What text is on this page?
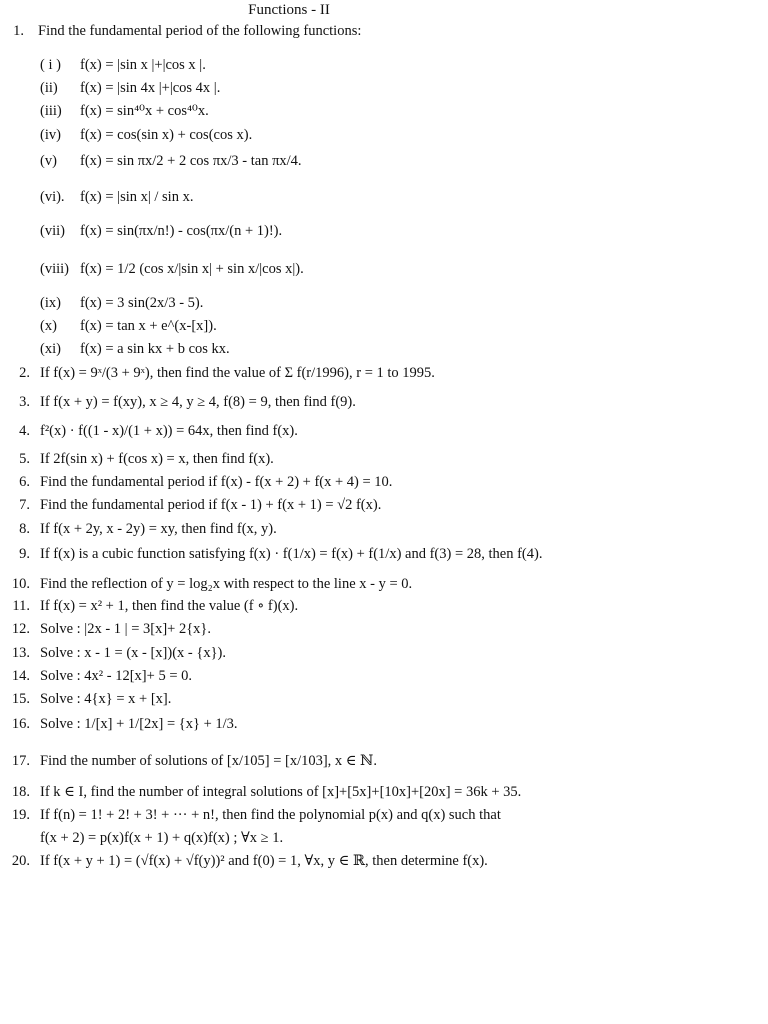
Functions - II
1. Find the fundamental period of the following functions:
( i )	f(x) = |sin x |+|cos x |.
(ii)	f(x) = |sin 4x |+|cos 4x |.
(iii)	f(x) = sin⁴⁰x + cos⁴⁰x.
(iv)	f(x) = cos(sin x) + cos(cos x).
(v)	f(x) = sin πx/2 + 2 cos πx/3 - tan πx/4.
(vi).	f(x) = |sin x| / sin x.
(vii)	f(x) = sin(πx/n!) - cos(πx/(n + 1)!).
(viii) f(x) = 1/2 (cos x/|sin x| + sin x/|cos x|).
(ix)	f(x) = 3 sin(2x/3 - 5).
(x)	f(x) = tan x + e^(x-[x]).
(xi)	f(x) = a sin kx + b cos kx.
2. If f(x) = 9ˣ/(3 + 9ˣ), then find the value of Σ f(r/1996), r = 1 to 1995.
3. If f(x + y) = f(xy), x ≥ 4, y ≥ 4, f(8) = 9, then find f(9).
4. f²(x) · f((1 - x)/(1 + x)) = 64x, then find f(x).
5. If 2f(sin x) + f(cos x) = x, then find f(x).
6. Find the fundamental period if f(x) - f(x + 2) + f(x + 4) = 10.
7. Find the fundamental period if f(x - 1) + f(x + 1) = √2 f(x).
8. If f(x + 2y, x - 2y) = xy, then find f(x, y).
9. If f(x) is a cubic function satisfying f(x) · f(1/x) = f(x) + f(1/x) and f(3) = 28, then f(4).
10. Find the reflection of y = log₂x with respect to the line x - y = 0.
11. If f(x) = x² + 1, then find the value (f ∘ f)(x).
12. Solve : |2x - 1 | = 3[x]+ 2{x}.
13. Solve : x - 1 = (x - [x])(x - {x}).
14. Solve : 4x² - 12[x]+ 5 = 0.
15. Solve : 4{x} = x + [x].
16. Solve : 1/[x] + 1/[2x] = {x} + 1/3.
17. Find the number of solutions of [x/105] = [x/103], x ∈ ℕ.
18. If k ∈ I, find the number of integral solutions of [x]+[5x]+[10x]+[20x] = 36k + 35.
19. If f(n) = 1! + 2! + 3! + ··· + n!, then find the polynomial p(x) and q(x) such that
f(x + 2) = p(x)f(x + 1) + q(x)f(x) ; ∀x ≥ 1.
20. If f(x + y + 1) = (√f(x) + √f(y))² and f(0) = 1, ∀x, y ∈ ℝ, then determine f(x).
